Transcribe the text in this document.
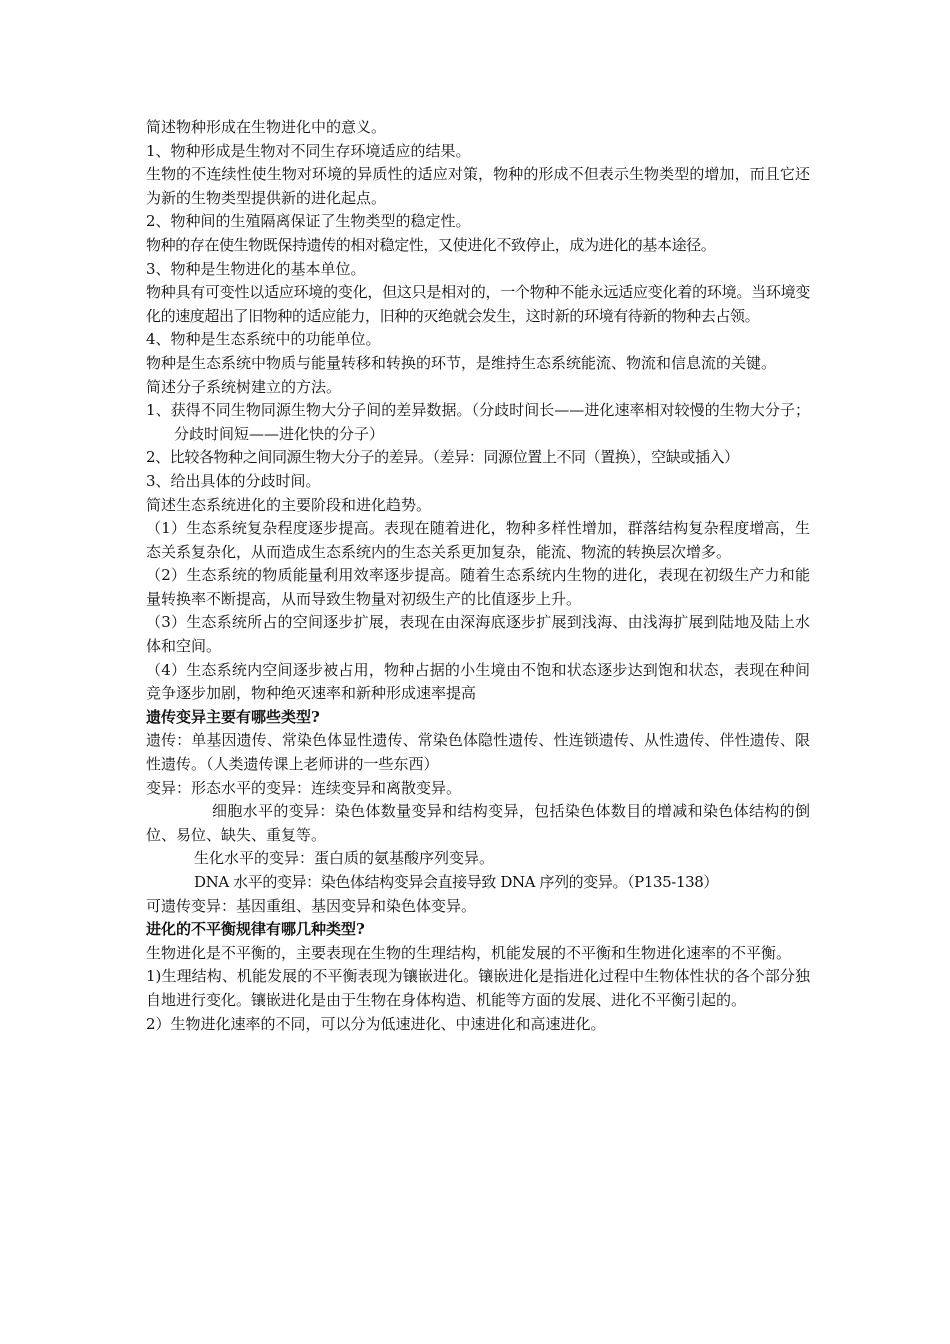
简述物种形成在生物进化中的意义。

1、物种形成是生物对不同生存环境适应的结果。

生物的不连续性使生物对环境的异质性的适应对策，物种的形成不但表示生物类型的增加，而且它还为新的生物类型提供新的进化起点。

2、物种间的生殖隔离保证了生物类型的稳定性。

物种的存在使生物既保持遗传的相对稳定性，又使进化不致停止，成为进化的基本途径。

3、物种是生物进化的基本单位。

物种具有可变性以适应环境的变化，但这只是相对的，一个物种不能永远适应变化着的环境。当环境变化的速度超出了旧物种的适应能力，旧种的灭绝就会发生，这时新的环境有待新的物种去占领。

4、物种是生态系统中的功能单位。

物种是生态系统中物质与能量转移和转换的环节，是维持生态系统能流、物流和信息流的关键。

简述分子系统树建立的方法。

1、获得不同生物同源生物大分子间的差异数据。（分歧时间长——进化速率相对较慢的生物大分子；分歧时间短——进化快的分子）

2、比较各物种之间同源生物大分子的差异。（差异：同源位置上不同（置换），空缺或插入）

3、给出具体的分歧时间。

简述生态系统进化的主要阶段和进化趋势。

（1）生态系统复杂程度逐步提高。表现在随着进化，物种多样性增加，群落结构复杂程度增高，生态关系复杂化，从而造成生态系统内的生态关系更加复杂，能流、物流的转换层次增多。

（2）生态系统的物质能量利用效率逐步提高。随着生态系统内生物的进化，表现在初级生产力和能量转换率不断提高，从而导致生物量对初级生产的比值逐步上升。

（3）生态系统所占的空间逐步扩展，表现在由深海底逐步扩展到浅海、由浅海扩展到陆地及陆上水体和空间。

（4）生态系统内空间逐步被占用，物种占据的小生境由不饱和状态逐步达到饱和状态，表现在种间竞争逐步加剧，物种绝灭速率和新种形成速率提高

遗传变异主要有哪些类型?

遗传：单基因遗传、常染色体显性遗传、常染色体隐性遗传、性连锁遗传、从性遗传、伴性遗传、限性遗传。（人类遗传课上老师讲的一些东西）

变异：形态水平的变异：连续变异和离散变异。

细胞水平的变异：染色体数量变异和结构变异，包括染色体数目的增减和染色体结构的倒位、易位、缺失、重复等。

生化水平的变异：蛋白质的氨基酸序列变异。

DNA 水平的变异：染色体结构变异会直接导致 DNA 序列的变异。（P135-138）

可遗传变异：基因重组、基因变异和染色体变异。

进化的不平衡规律有哪几种类型?

生物进化是不平衡的，主要表现在生物的生理结构，机能发展的不平衡和生物进化速率的不平衡。

1)生理结构、机能发展的不平衡表现为镶嵌进化。镶嵌进化是指进化过程中生物体性状的各个部分独自地进行变化。镶嵌进化是由于生物在身体构造、机能等方面的发展、进化不平衡引起的。

2）生物进化速率的不同，可以分为低速进化、中速进化和高速进化。
